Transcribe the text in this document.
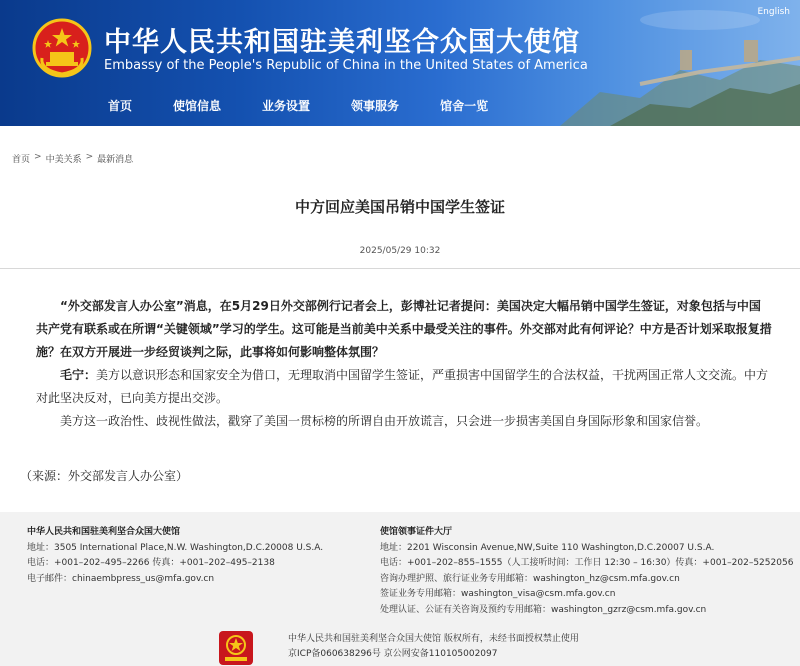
中华人民共和国驻美利坚合众国大使馆
Embassy of the People's Republic of China in the United States of America
English
首页	使馆信息	业务设置	领事服务	馆舍一览
首页 > 中美关系 > 最新消息
中方回应美国吊销中国学生签证
2025/05/29 10:32

“外交部发言人办公室”消息，在5月29日外交部例行记者会上，彭博社记者提问：美国决定大幅吊销中国学生签证，对象包括与中国共产党有联系或在所谓“关键领域”学习的学生。这可能是当前美中关系中最受关注的事件。外交部对此有何评论？中方是否计划采取报复措施？在双方开展进一步经贸谈判之际，此事将如何影响整体氛围？

毛宁：美方以意识形态和国家安全为借口，无理取消中国留学生签证，严重损害中国留学生的合法权益，干扰两国正常人文交流。中方对此坚决反对，已向美方提出交涉。

美方这一政治性、歧视性做法，戳穿了美国一贯标榜的所谓自由开放谎言，只会进一步损害美国自身国际形象和国家信誉。

（来源：外交部发言人办公室）
中华人民共和国驻美利坚合众国大使馆
地址：3505 International Place,N.W. Washington,D.C.20008 U.S.A.
电话：+001–202–495–2266 传真：+001–202–495–2138
电子邮件：chinaembpress_us@mfa.gov.cn
使馆领事证件大厅
地址：2201 Wisconsin Avenue,NW,Suite 110 Washington,D.C.20007 U.S.A.
电话：+001–202–855–1555（人工接听时间：工作日 12:30 – 16:30）传真：+001–202–5252056
咨询办理护照、旅行证业务专用邮箱：washington_hz@csm.mfa.gov.cn
签证业务专用邮箱：washington_visa@csm.mfa.gov.cn
处理认证、公证有关咨询及预约专用邮箱：washington_gzrz@csm.mfa.gov.cn
中华人民共和国驻美利坚合众国大使馆 版权所有，未经书面授权禁止使用
京ICP备060638296号 京公网安备110105002097
